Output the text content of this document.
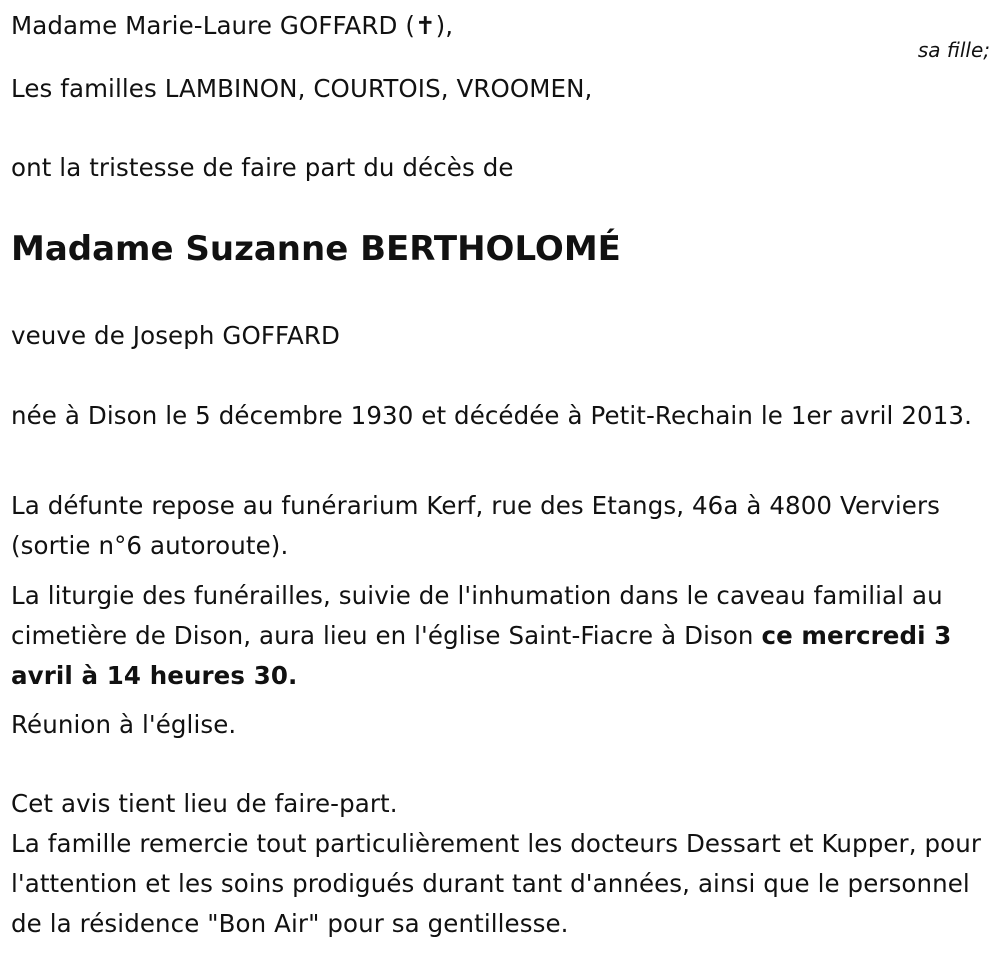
Madame Marie-Laure GOFFARD (✝),
sa fille;
Les familles LAMBINON, COURTOIS, VROOMEN,
ont la tristesse de faire part du décès de
Madame Suzanne BERTHOLOMÉ
veuve de Joseph GOFFARD
née à Dison le 5 décembre 1930 et décédée à Petit-Rechain le 1er avril 2013.
La défunte repose au funérarium Kerf, rue des Etangs, 46a à 4800 Verviers (sortie n°6 autoroute).
La liturgie des funérailles, suivie de l'inhumation dans le caveau familial au cimetière de Dison, aura lieu en l'église Saint-Fiacre à Dison ce mercredi 3 avril à 14 heures 30.
Réunion à l'église.
Cet avis tient lieu de faire-part.
La famille remercie tout particulièrement les docteurs Dessart et Kupper, pour l'attention et les soins prodigués durant tant d'années, ainsi que le personnel de la résidence "Bon Air" pour sa gentillesse.
